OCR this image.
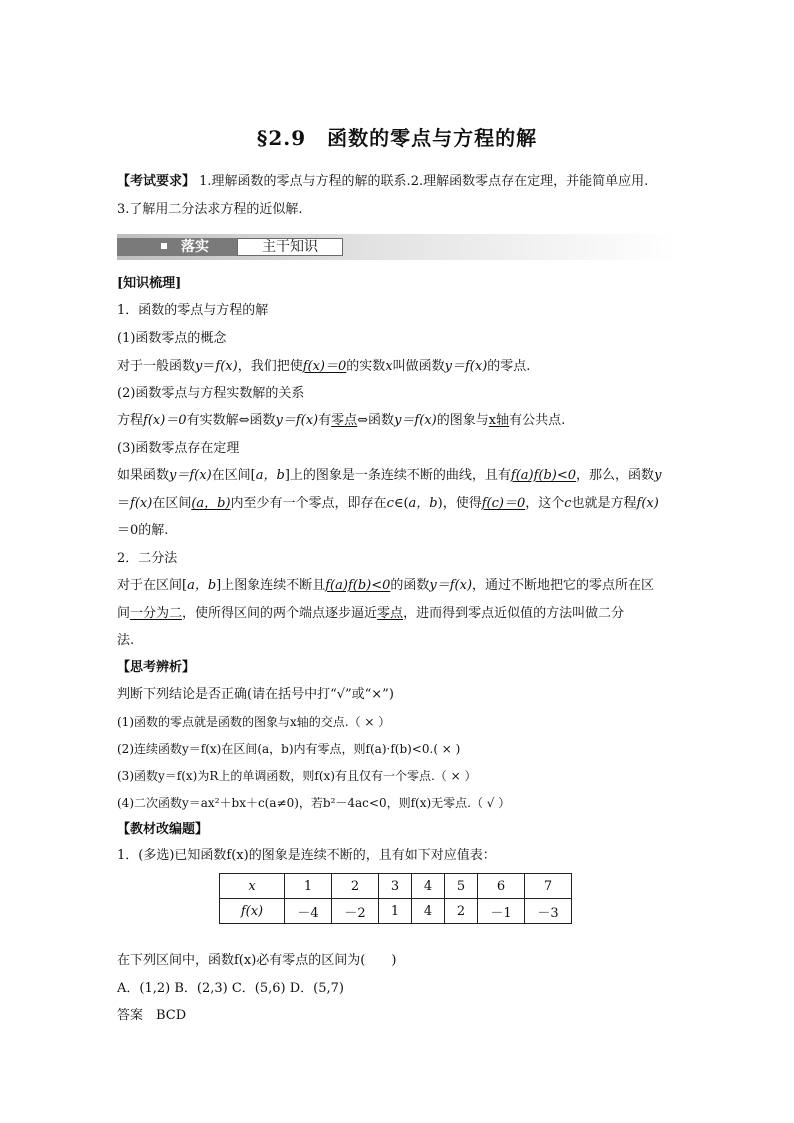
§2.9　函数的零点与方程的解
【考试要求】 1.理解函数的零点与方程的解的联系.2.理解函数零点存在定理，并能简单应用.
3.了解用二分法求方程的近似解.
落实	主干知识
[知识梳理]
1．函数的零点与方程的解
(1)函数零点的概念
对于一般函数y＝f(x)，我们把使f(x)＝0的实数x叫做函数y＝f(x)的零点.
(2)函数零点与方程实数解的关系
方程f(x)＝0有实数解⇔函数y＝f(x)有零点⇔函数y＝f(x)的图象与x轴有公共点.
(3)函数零点存在定理
如果函数y＝f(x)在区间[a，b]上的图象是一条连续不断的曲线，且有f(a)f(b)<0，那么，函数y
＝f(x)在区间(a，b)内至少有一个零点，即存在c∈(a，b)，使得f(c)＝0，这个c也就是方程f(x)
＝0的解.
2．二分法
对于在区间[a，b]上图象连续不断且f(a)f(b)<0的函数y＝f(x)，通过不断地把它的零点所在区
间一分为二，使所得区间的两个端点逐步逼近零点，进而得到零点近似值的方法叫做二分
法.
【思考辨析】
判断下列结论是否正确(请在括号中打“√”或“×”)
(1)函数的零点就是函数的图象与x轴的交点.（ × ）
(2)连续函数y＝f(x)在区间(a，b)内有零点，则f(a)·f(b)<0.( × )
(3)函数y＝f(x)为R上的单调函数，则f(x)有且仅有一个零点.（ × ）
(4)二次函数y＝ax²＋bx＋c(a≠0)，若b²－4ac<0，则f(x)无零点.（ √ ）
【教材改编题】
1．(多选)已知函数f(x)的图象是连续不断的，且有如下对应值表：
x	1	2	3	4	5	6	7
f(x)	－4	－2	1	4	2	－1	－3
在下列区间中，函数f(x)必有零点的区间为(　　)
A．(1,2) B．(2,3) C．(5,6) D．(5,7)
答案　BCD
